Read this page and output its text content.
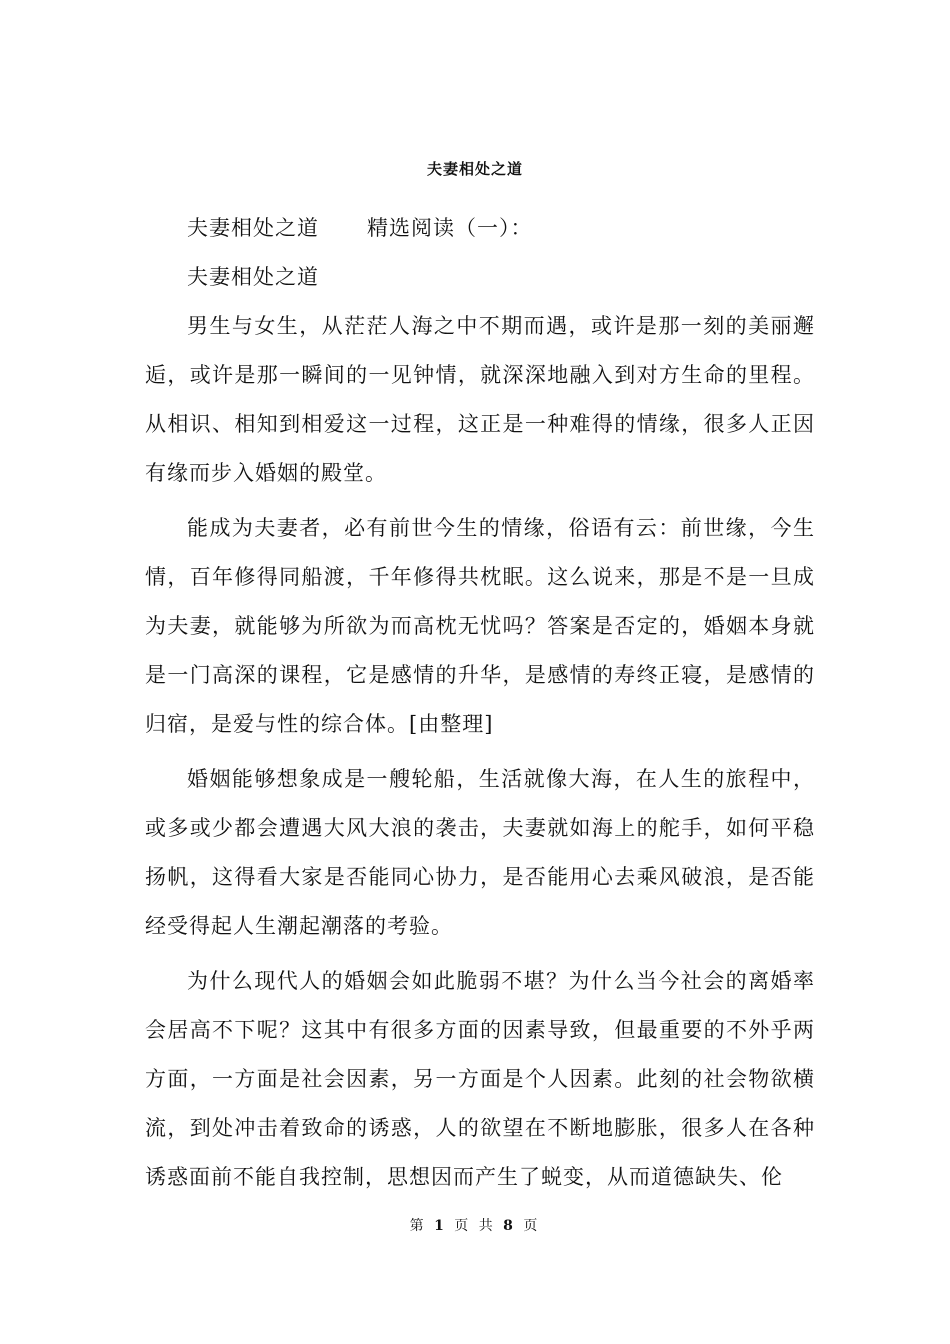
夫妻相处之道

夫妻相处之道 精选阅读（一）：

夫妻相处之道

男生与女生，从茫茫人海之中不期而遇，或许是那一刻的美丽邂逅，或许是那一瞬间的一见钟情，就深深地融入到对方生命的里程。从相识、相知到相爱这一过程，这正是一种难得的情缘，很多人正因有缘而步入婚姻的殿堂。

能成为夫妻者，必有前世今生的情缘，俗语有云：前世缘，今生情，百年修得同船渡，千年修得共枕眠。这么说来，那是不是一旦成为夫妻，就能够为所欲为而高枕无忧吗？答案是否定的，婚姻本身就是一门高深的课程，它是感情的升华，是感情的寿终正寝，是感情的归宿，是爱与性的综合体。[由整理]

婚姻能够想象成是一艘轮船，生活就像大海，在人生的旅程中，或多或少都会遭遇大风大浪的袭击，夫妻就如海上的舵手，如何平稳扬帆，这得看大家是否能同心协力，是否能用心去乘风破浪，是否能经受得起人生潮起潮落的考验。

为什么现代人的婚姻会如此脆弱不堪？为什么当今社会的离婚率会居高不下呢？这其中有很多方面的因素导致，但最重要的不外乎两方面，一方面是社会因素，另一方面是个人因素。此刻的社会物欲横流，到处冲击着致命的诱惑，人的欲望在不断地膨胀，很多人在各种诱惑面前不能自我控制，思想因而产生了蜕变，从而道德缺失、伦

第 1 页 共 8 页
